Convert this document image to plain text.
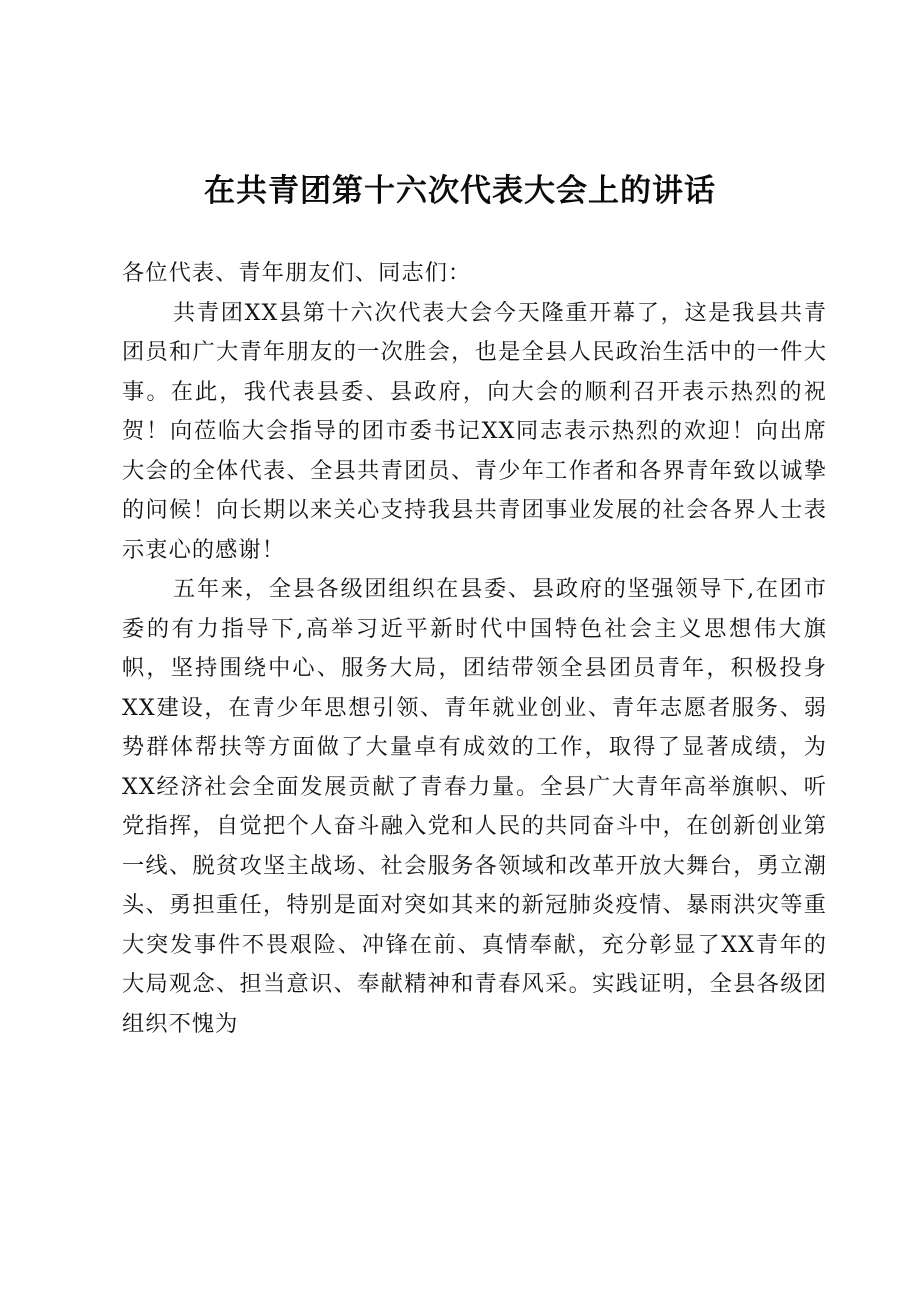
在共青团第十六次代表大会上的讲话

各位代表、青年朋友们、同志们：

共青团XX县第十六次代表大会今天隆重开幕了，这是我县共青团员和广大青年朋友的一次胜会，也是全县人民政治生活中的一件大事。在此，我代表县委、县政府，向大会的顺利召开表示热烈的祝贺！向莅临大会指导的团市委书记XX同志表示热烈的欢迎！向出席大会的全体代表、全县共青团员、青少年工作者和各界青年致以诚挚的问候！向长期以来关心支持我县共青团事业发展的社会各界人士表示衷心的感谢！

五年来，全县各级团组织在县委、县政府的坚强领导下,在团市委的有力指导下,高举习近平新时代中国特色社会主义思想伟大旗帜，坚持围绕中心、服务大局，团结带领全县团员青年，积极投身XX建设，在青少年思想引领、青年就业创业、青年志愿者服务、弱势群体帮扶等方面做了大量卓有成效的工作，取得了显著成绩，为XX经济社会全面发展贡献了青春力量。全县广大青年高举旗帜、听党指挥，自觉把个人奋斗融入党和人民的共同奋斗中，在创新创业第一线、脱贫攻坚主战场、社会服务各领域和改革开放大舞台，勇立潮头、勇担重任，特别是面对突如其来的新冠肺炎疫情、暴雨洪灾等重大突发事件不畏艰险、冲锋在前、真情奉献，充分彰显了XX青年的大局观念、担当意识、奉献精神和青春风采。实践证明，全县各级团组织不愧为
